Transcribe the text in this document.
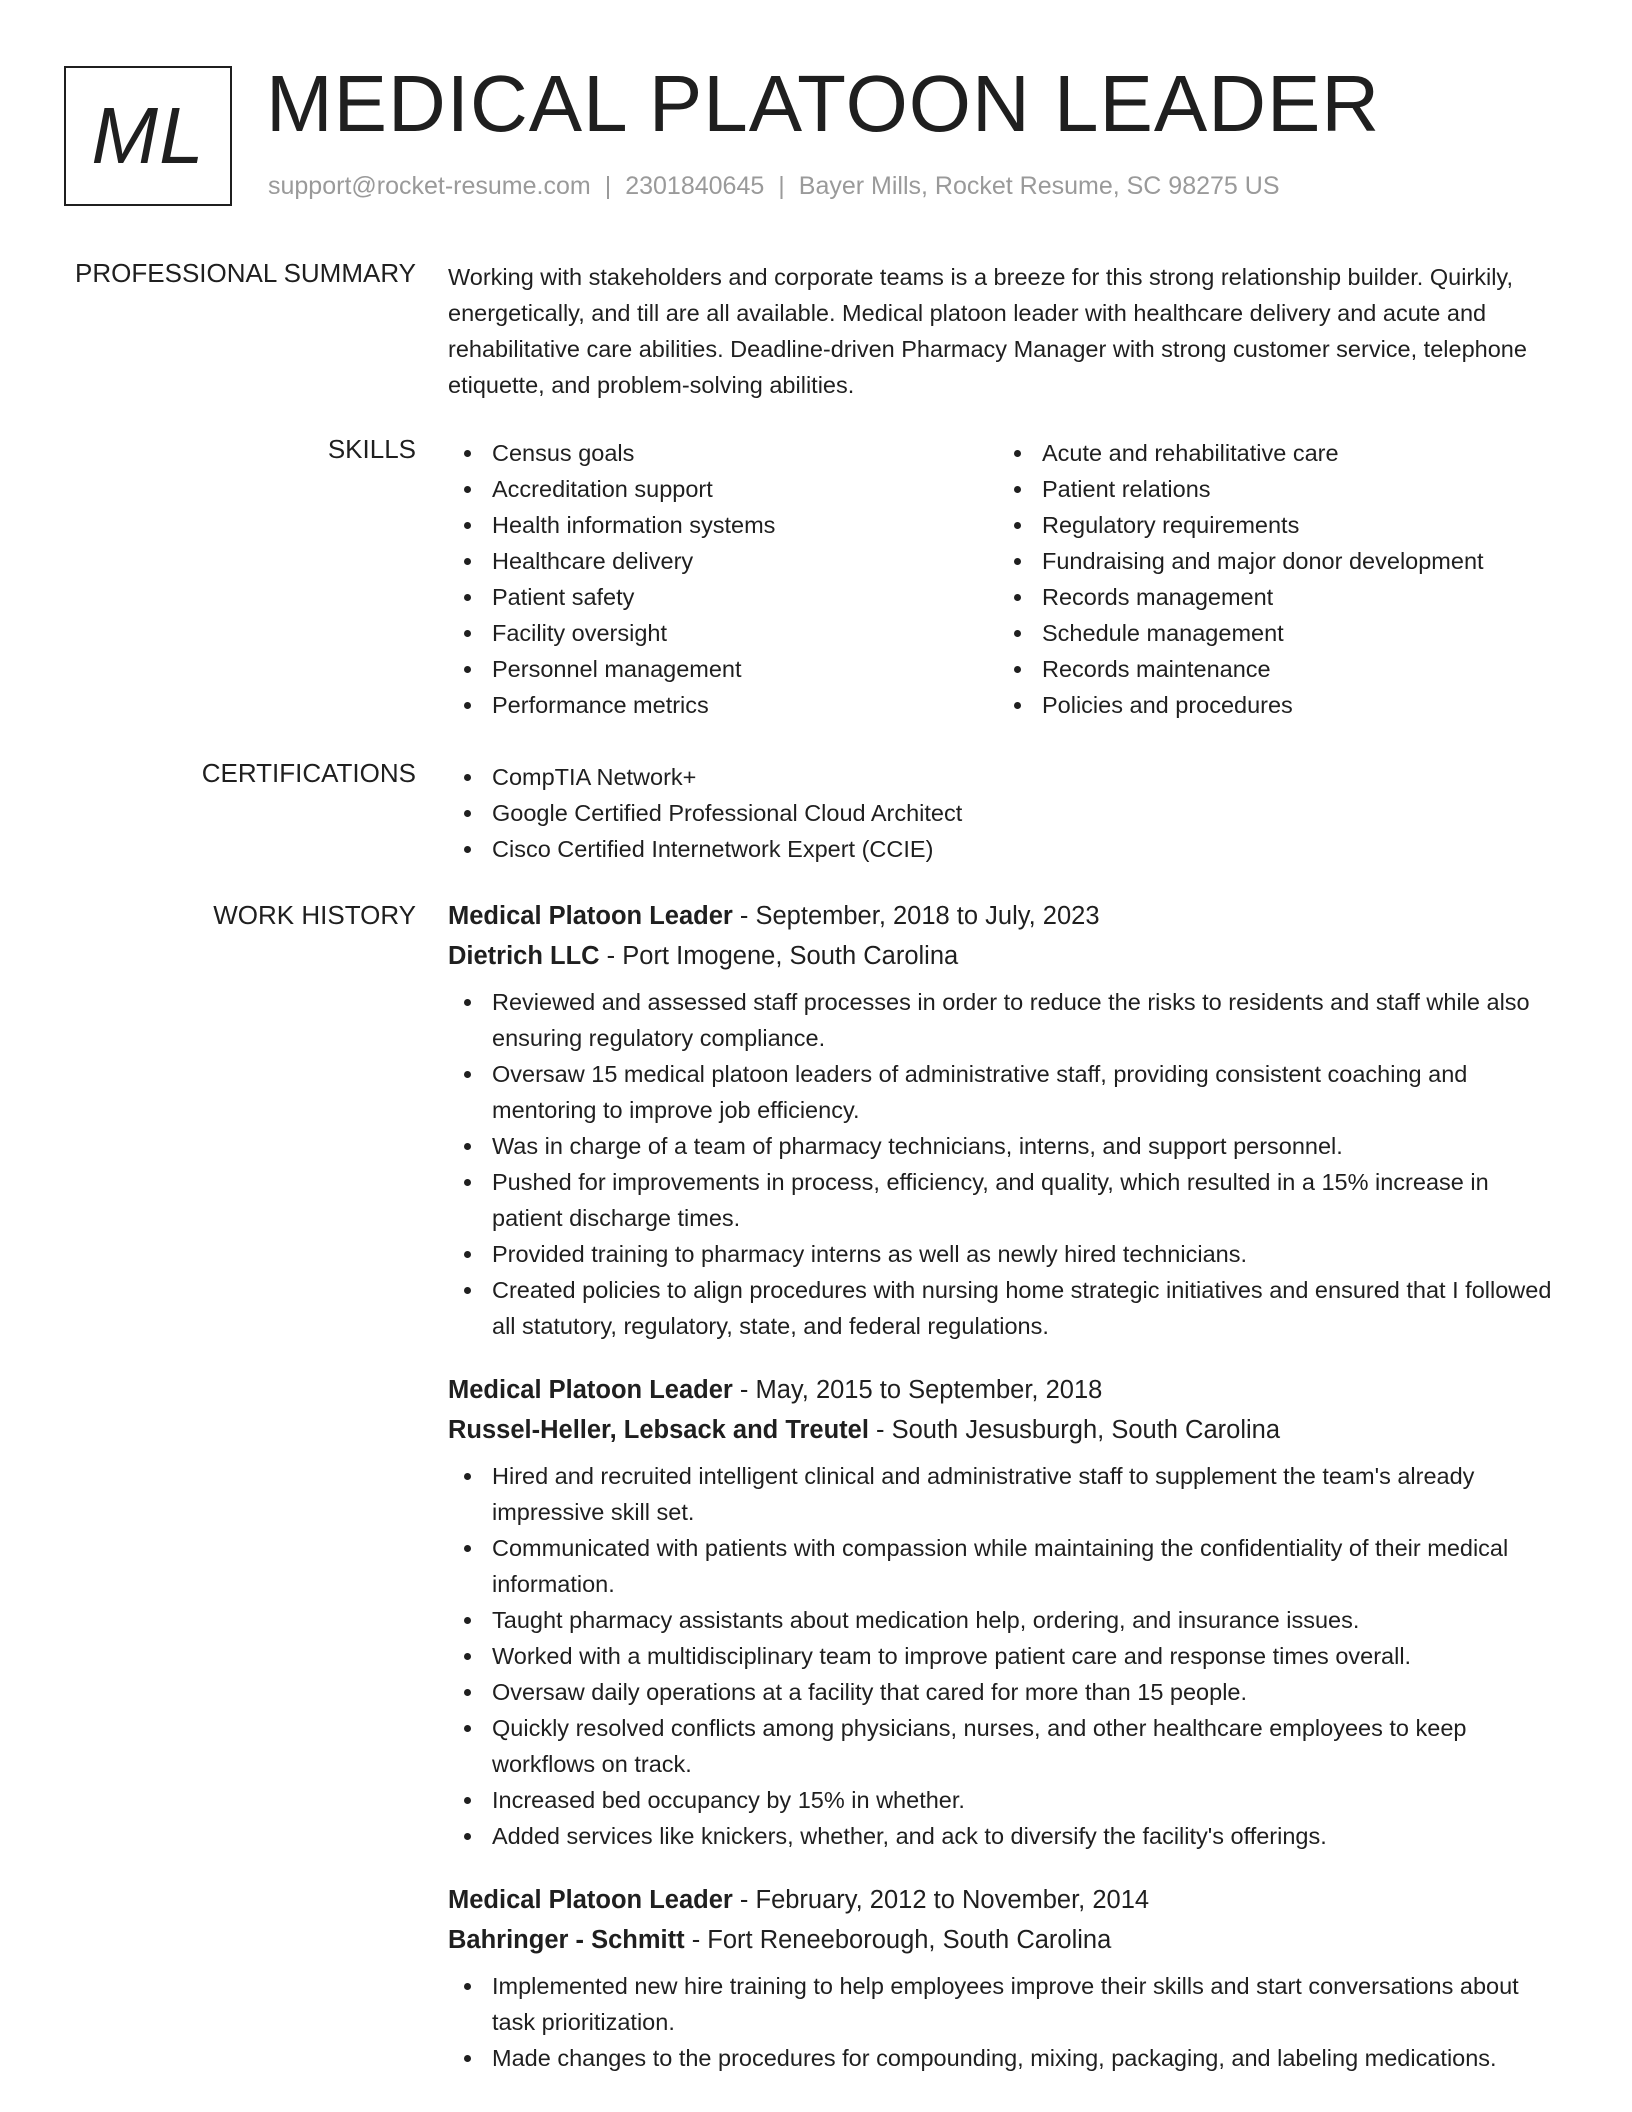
ML MEDICAL PLATOON LEADER
support@rocket-resume.com | 2301840645 | Bayer Mills, Rocket Resume, SC 98275 US
PROFESSIONAL SUMMARY Working with stakeholders and corporate teams is a breeze for this strong relationship builder. Quirkily, energetically, and till are all available. Medical platoon leader with healthcare delivery and acute and rehabilitative care abilities. Deadline-driven Pharmacy Manager with strong customer service, telephone etiquette, and problem-solving abilities.

SKILLS	Census goals
Accreditation support
Health information systems
Healthcare delivery
Patient safety
Facility oversight
Personnel management
Performance metrics
Acute and rehabilitative care
Patient relations
Regulatory requirements
Fundraising and major donor development
Records management
Schedule management
Records maintenance
Policies and procedures
CERTIFICATIONS	CompTIA Network+
Google Certified Professional Cloud Architect
Cisco Certified Internetwork Expert (CCIE)
WORK HISTORY Medical Platoon Leader - September, 2018 to July, 2023
Dietrich LLC - Port Imogene, South Carolina
Reviewed and assessed staff processes in order to reduce the risks to residents and staff while also ensuring regulatory compliance.
Oversaw 15 medical platoon leaders of administrative staff, providing consistent coaching and mentoring to improve job efficiency.
Was in charge of a team of pharmacy technicians, interns, and support personnel.
Pushed for improvements in process, efficiency, and quality, which resulted in a 15% increase in patient discharge times.
Provided training to pharmacy interns as well as newly hired technicians.
Created policies to align procedures with nursing home strategic initiatives and ensured that I followed all statutory, regulatory, state, and federal regulations.
Medical Platoon Leader - May, 2015 to September, 2018
Russel-Heller, Lebsack and Treutel - South Jesusburgh, South Carolina
Hired and recruited intelligent clinical and administrative staff to supplement the team's already impressive skill set.
Communicated with patients with compassion while maintaining the confidentiality of their medical information.
Taught pharmacy assistants about medication help, ordering, and insurance issues.
Worked with a multidisciplinary team to improve patient care and response times overall.
Oversaw daily operations at a facility that cared for more than 15 people.
Quickly resolved conflicts among physicians, nurses, and other healthcare employees to keep workflows on track.
Increased bed occupancy by 15% in whether.
Added services like knickers, whether, and ack to diversify the facility's offerings.
Medical Platoon Leader - February, 2012 to November, 2014
Bahringer - Schmitt - Fort Reneeborough, South Carolina
Implemented new hire training to help employees improve their skills and start conversations about task prioritization.
Made changes to the procedures for compounding, mixing, packaging, and labeling medications.
